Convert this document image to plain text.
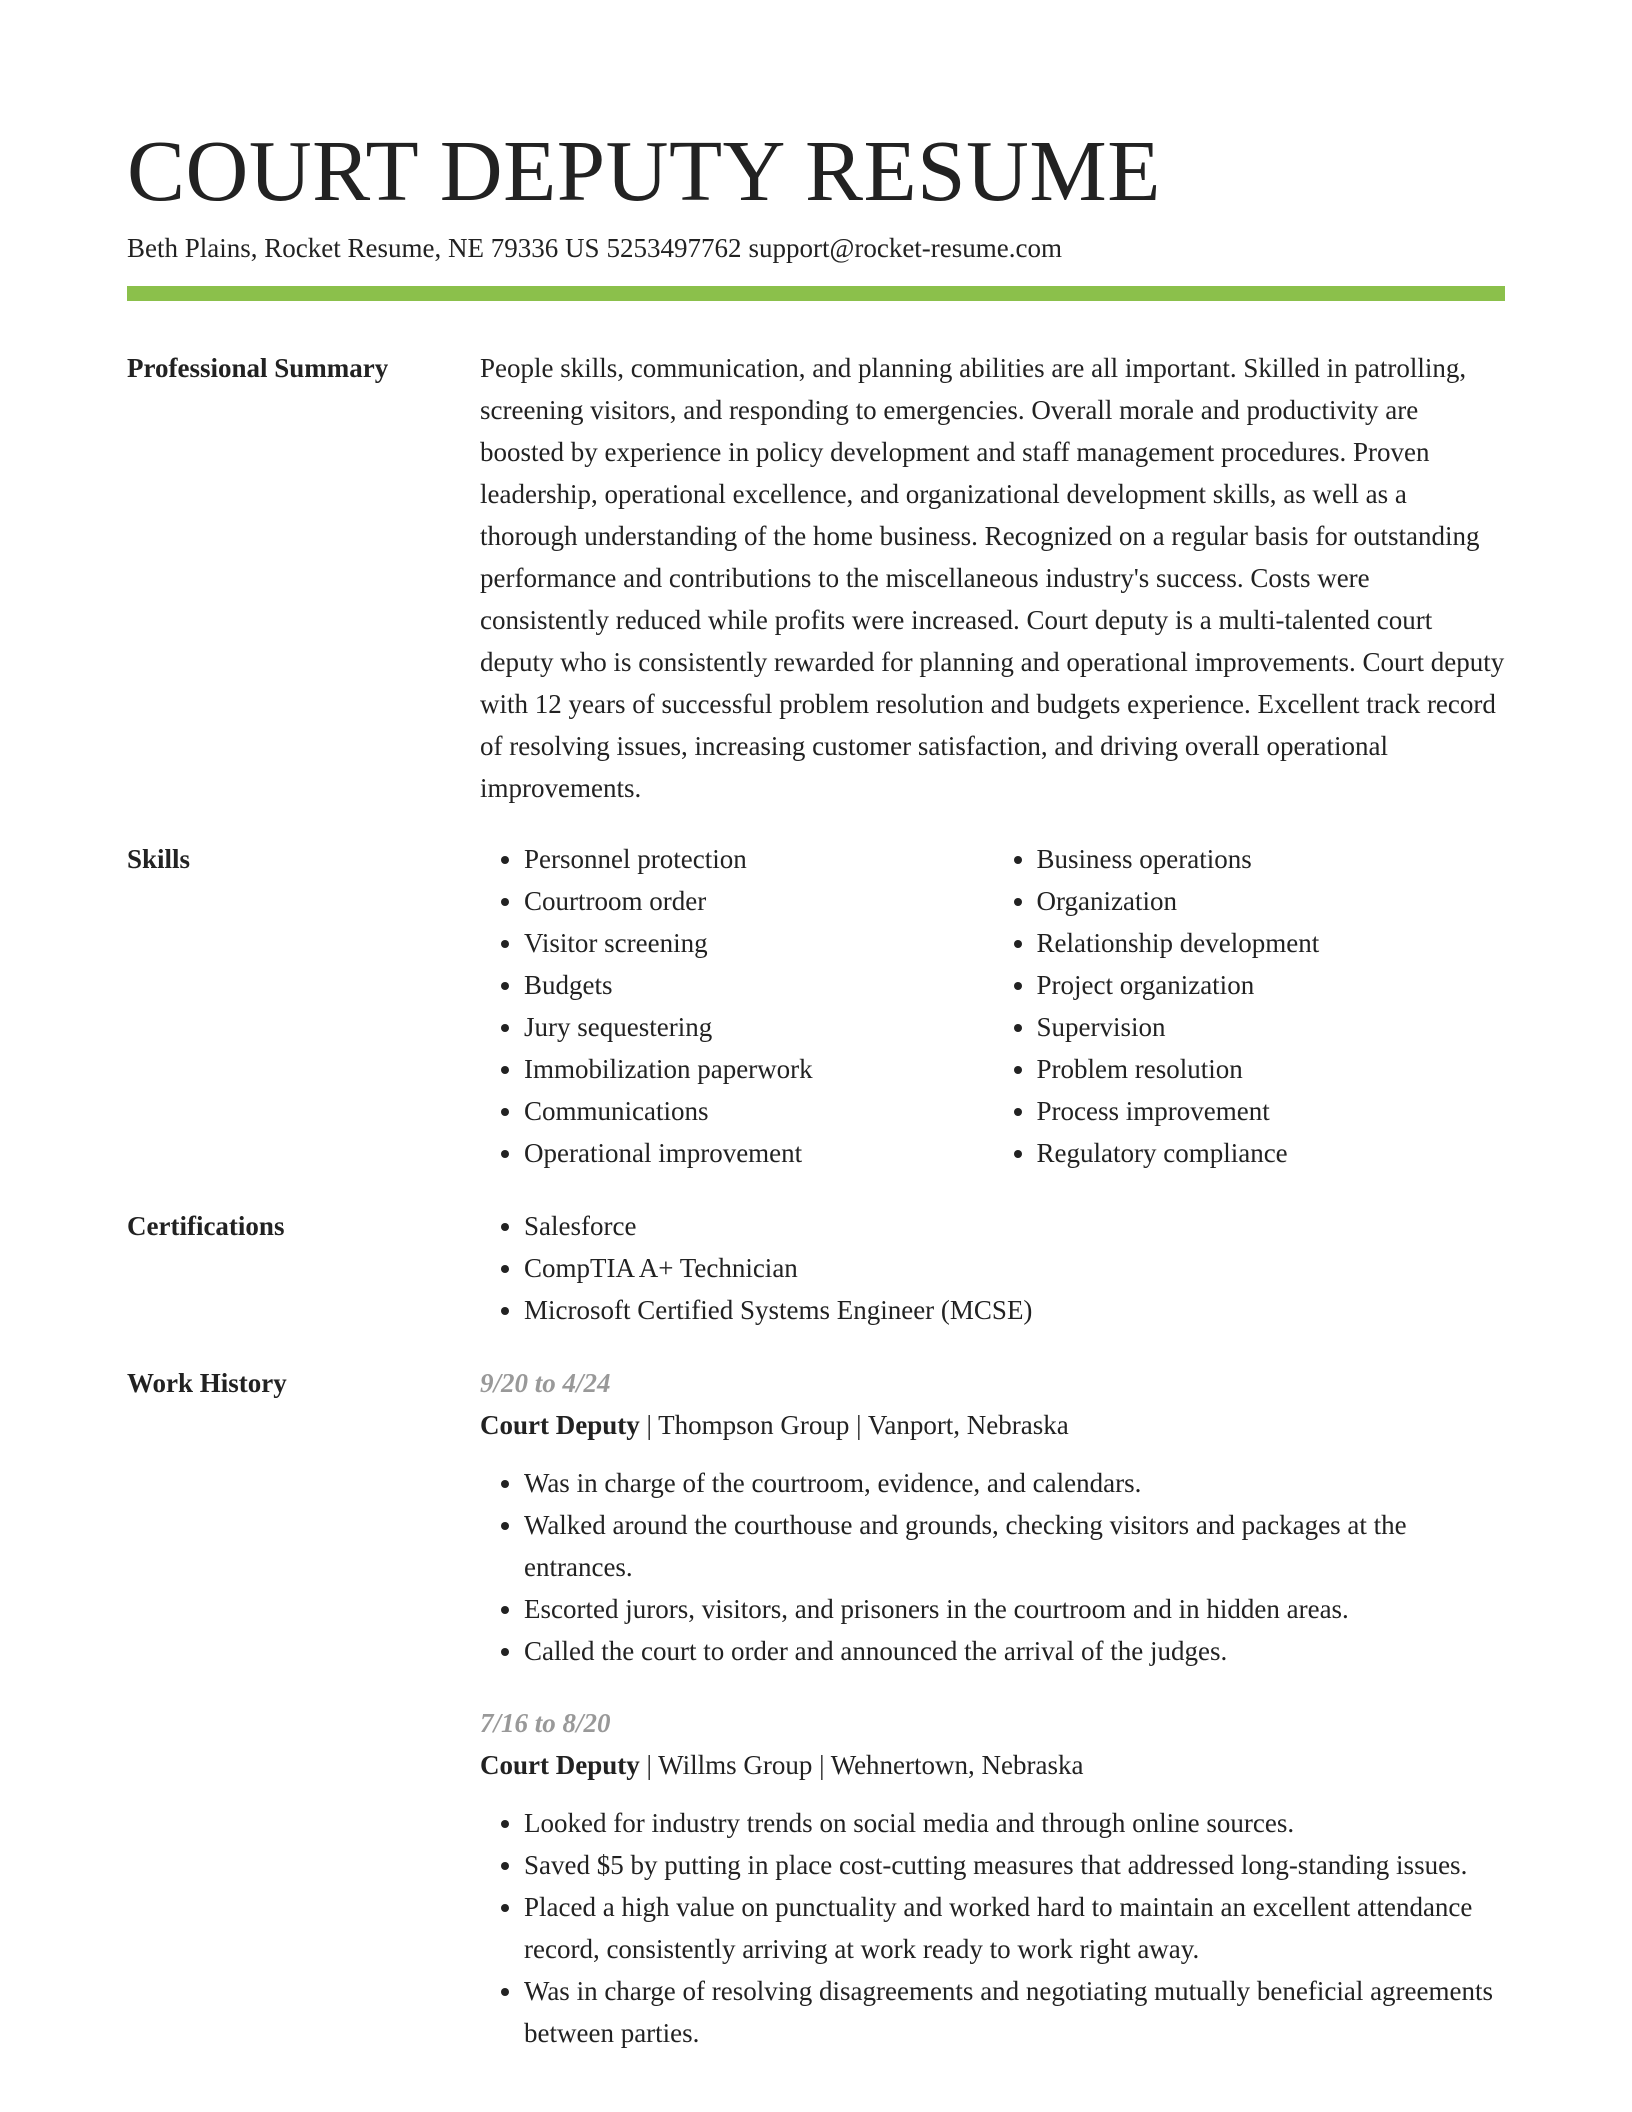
COURT DEPUTY RESUME
Beth Plains, Rocket Resume, NE 79336 US 5253497762 support@rocket-resume.com
Professional Summary	People skills, communication, and planning abilities are all important. Skilled in patrolling, screening visitors, and responding to emergencies. Overall morale and productivity are boosted by experience in policy development and staff management procedures. Proven leadership, operational excellence, and organizational development skills, as well as a thorough understanding of the home business. Recognized on a regular basis for outstanding performance and contributions to the miscellaneous industry's success. Costs were consistently reduced while profits were increased. Court deputy is a multi-talented court deputy who is consistently rewarded for planning and operational improvements. Court deputy with 12 years of successful problem resolution and budgets experience. Excellent track record of resolving issues, increasing customer satisfaction, and driving overall operational improvements.

Skills	• Personnel protection
• Courtroom order
• Visitor screening
• Budgets
• Jury sequestering
• Immobilization paperwork
• Communications
• Operational improvement
• Business operations
• Organization
• Relationship development
• Project organization
• Supervision
• Problem resolution
• Process improvement
• Regulatory compliance
Certifications	• Salesforce
• CompTIA A+ Technician
• Microsoft Certified Systems Engineer (MCSE)
Work History	9/20 to 4/24
Court Deputy | Thompson Group | Vanport, Nebraska
• Was in charge of the courtroom, evidence, and calendars.
• Walked around the courthouse and grounds, checking visitors and packages at the entrances.
• Escorted jurors, visitors, and prisoners in the courtroom and in hidden areas.
• Called the court to order and announced the arrival of the judges.
7/16 to 8/20
Court Deputy | Willms Group | Wehnertown, Nebraska
• Looked for industry trends on social media and through online sources.
• Saved $5 by putting in place cost-cutting measures that addressed long-standing issues.
• Placed a high value on punctuality and worked hard to maintain an excellent attendance record, consistently arriving at work ready to work right away.
• Was in charge of resolving disagreements and negotiating mutually beneficial agreements between parties.
